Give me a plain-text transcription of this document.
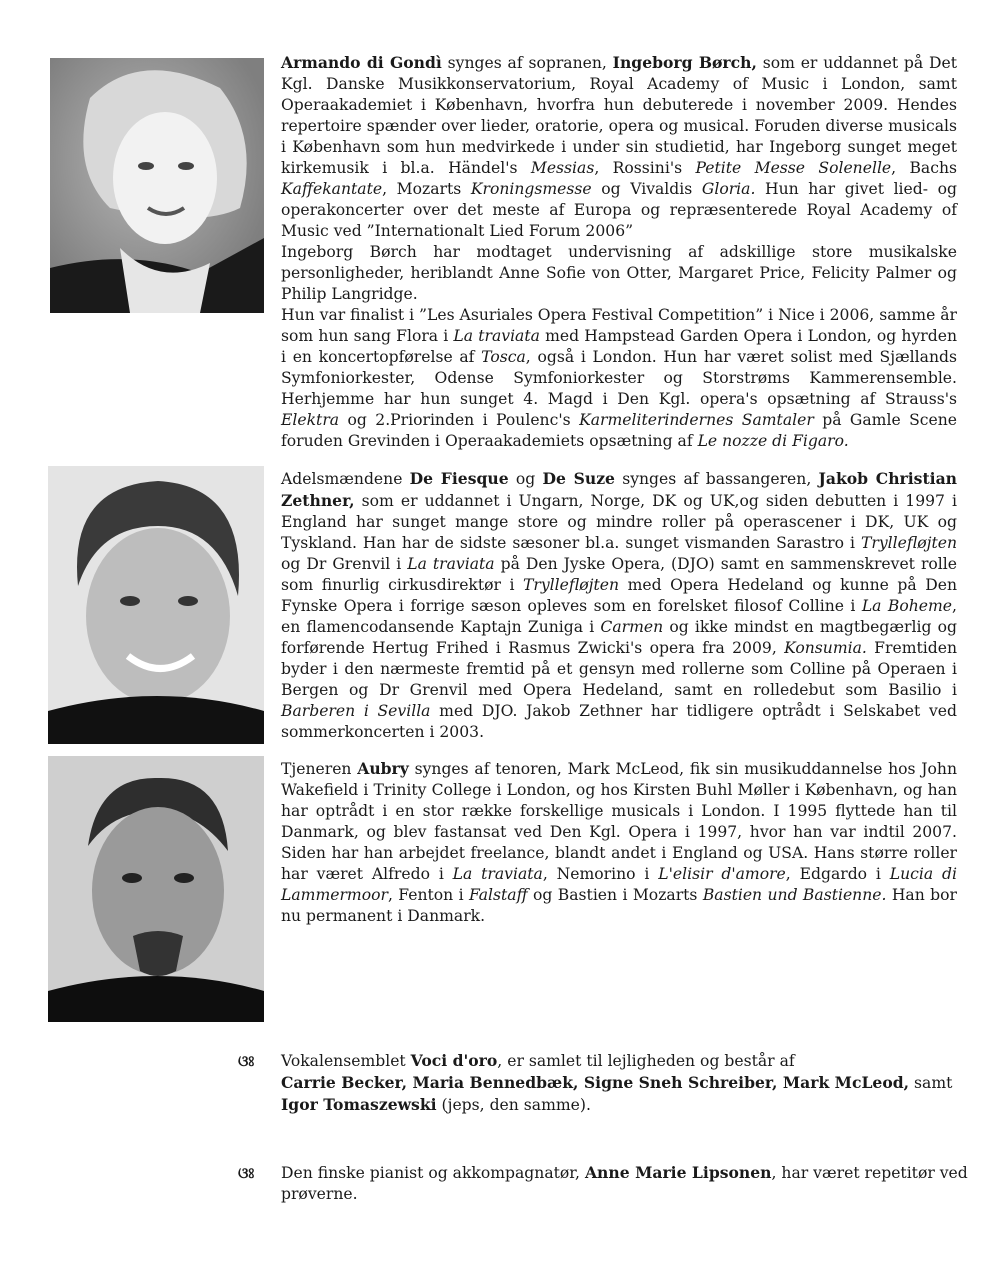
Armando di Gondì synges af sopranen, Ingeborg Børch, som er uddannet på Det Kgl. Danske Musikkonservatorium, Royal Academy of Music i London, samt Operaakademiet i København, hvorfra hun debuterede i november 2009. Hendes repertoire spænder over lieder, oratorie, opera og musical. Foruden diverse musicals i København som hun medvirkede i under sin studietid, har Ingeborg sunget meget kirkemusik i bl.a. Händel's Messias, Rossini's Petite Messe Solenelle, Bachs Kaffekantate, Mozarts Kroningsmesse og Vivaldis Gloria. Hun har givet lied- og operakoncerter over det meste af Europa og repræsenterede Royal Academy of Music ved ”Internationalt Lied Forum 2006”

Ingeborg Børch har modtaget undervisning af adskillige store musikalske personligheder, heriblandt Anne Sofie von Otter, Margaret Price, Felicity Palmer og Philip Langridge.

Hun var finalist i ”Les Asuriales Opera Festival Competition” i Nice i 2006, samme år som hun sang Flora i La traviata med Hampstead Garden Opera i London, og hyrden i en koncertopførelse af Tosca, også i London. Hun har været solist med Sjællands Symfoniorkester, Odense Symfoniorkester og Storstrøms Kammerensemble. Herhjemme har hun sunget 4. Magd i Den Kgl. opera's opsætning af Strauss's Elektra og 2.Priorinden i Poulenc's Karmeliterindernes Samtaler på Gamle Scene foruden Grevinden i Operaakademiets opsætning af Le nozze di Figaro.

Adelsmændene De Fiesque og De Suze synges af bassangeren, Jakob Christian Zethner, som er uddannet i Ungarn, Norge, DK og UK,og siden debutten i 1997 i England har sunget mange store og mindre roller på operascener i DK, UK og Tyskland. Han har de sidste sæsoner bl.a. sunget vismanden Sarastro i Tryllefløjten og Dr Grenvil i La traviata på Den Jyske Opera, (DJO) samt en sammenskrevet rolle som finurlig cirkusdirektør i Tryllefløjten med Opera Hedeland og kunne på Den Fynske Opera i forrige sæson opleves som en forelsket filosof Colline i La Boheme, en flamencodansende Kaptajn Zuniga i Carmen og ikke mindst en magtbegærlig og forførende Hertug Frihed i Rasmus Zwicki's opera fra 2009, Konsumia. Fremtiden byder i den nærmeste fremtid på et gensyn med rollerne som Colline på Operaen i Bergen og Dr Grenvil med Opera Hedeland, samt en rolledebut som Basilio i Barberen i Sevilla med DJO. Jakob Zethner har tidligere optrådt i Selskabet ved sommerkoncerten i 2003.

Tjeneren Aubry synges af tenoren, Mark McLeod, fik sin musikuddannelse hos John Wakefield i Trinity College i London, og hos Kirsten Buhl Møller i København, og han har optrådt i en stor række forskellige musicals i London. I 1995 flyttede han til Danmark, og blev fastansat ved Den Kgl. Opera i 1997, hvor han var indtil 2007. Siden har han arbejdet freelance, blandt andet i England og USA. Hans større roller har været Alfredo i La traviata, Nemorino i L'elisir d'amore, Edgardo i Lucia di Lammermoor, Fenton i Falstaff og Bastien i Mozarts Bastien und Bastienne. Han bor nu permanent i Danmark.

ଓଃ	Vokalensemblet Voci d'oro, er samlet til lejligheden og består af

Carrie Becker, Maria Bennedbæk, Signe Sneh Schreiber, Mark McLeod, samt

Igor Tomaszewski (jeps, den samme).

ଓଃ	Den finske pianist og akkompagnatør, Anne Marie Lipsonen, har været repetitør ved prøverne.
